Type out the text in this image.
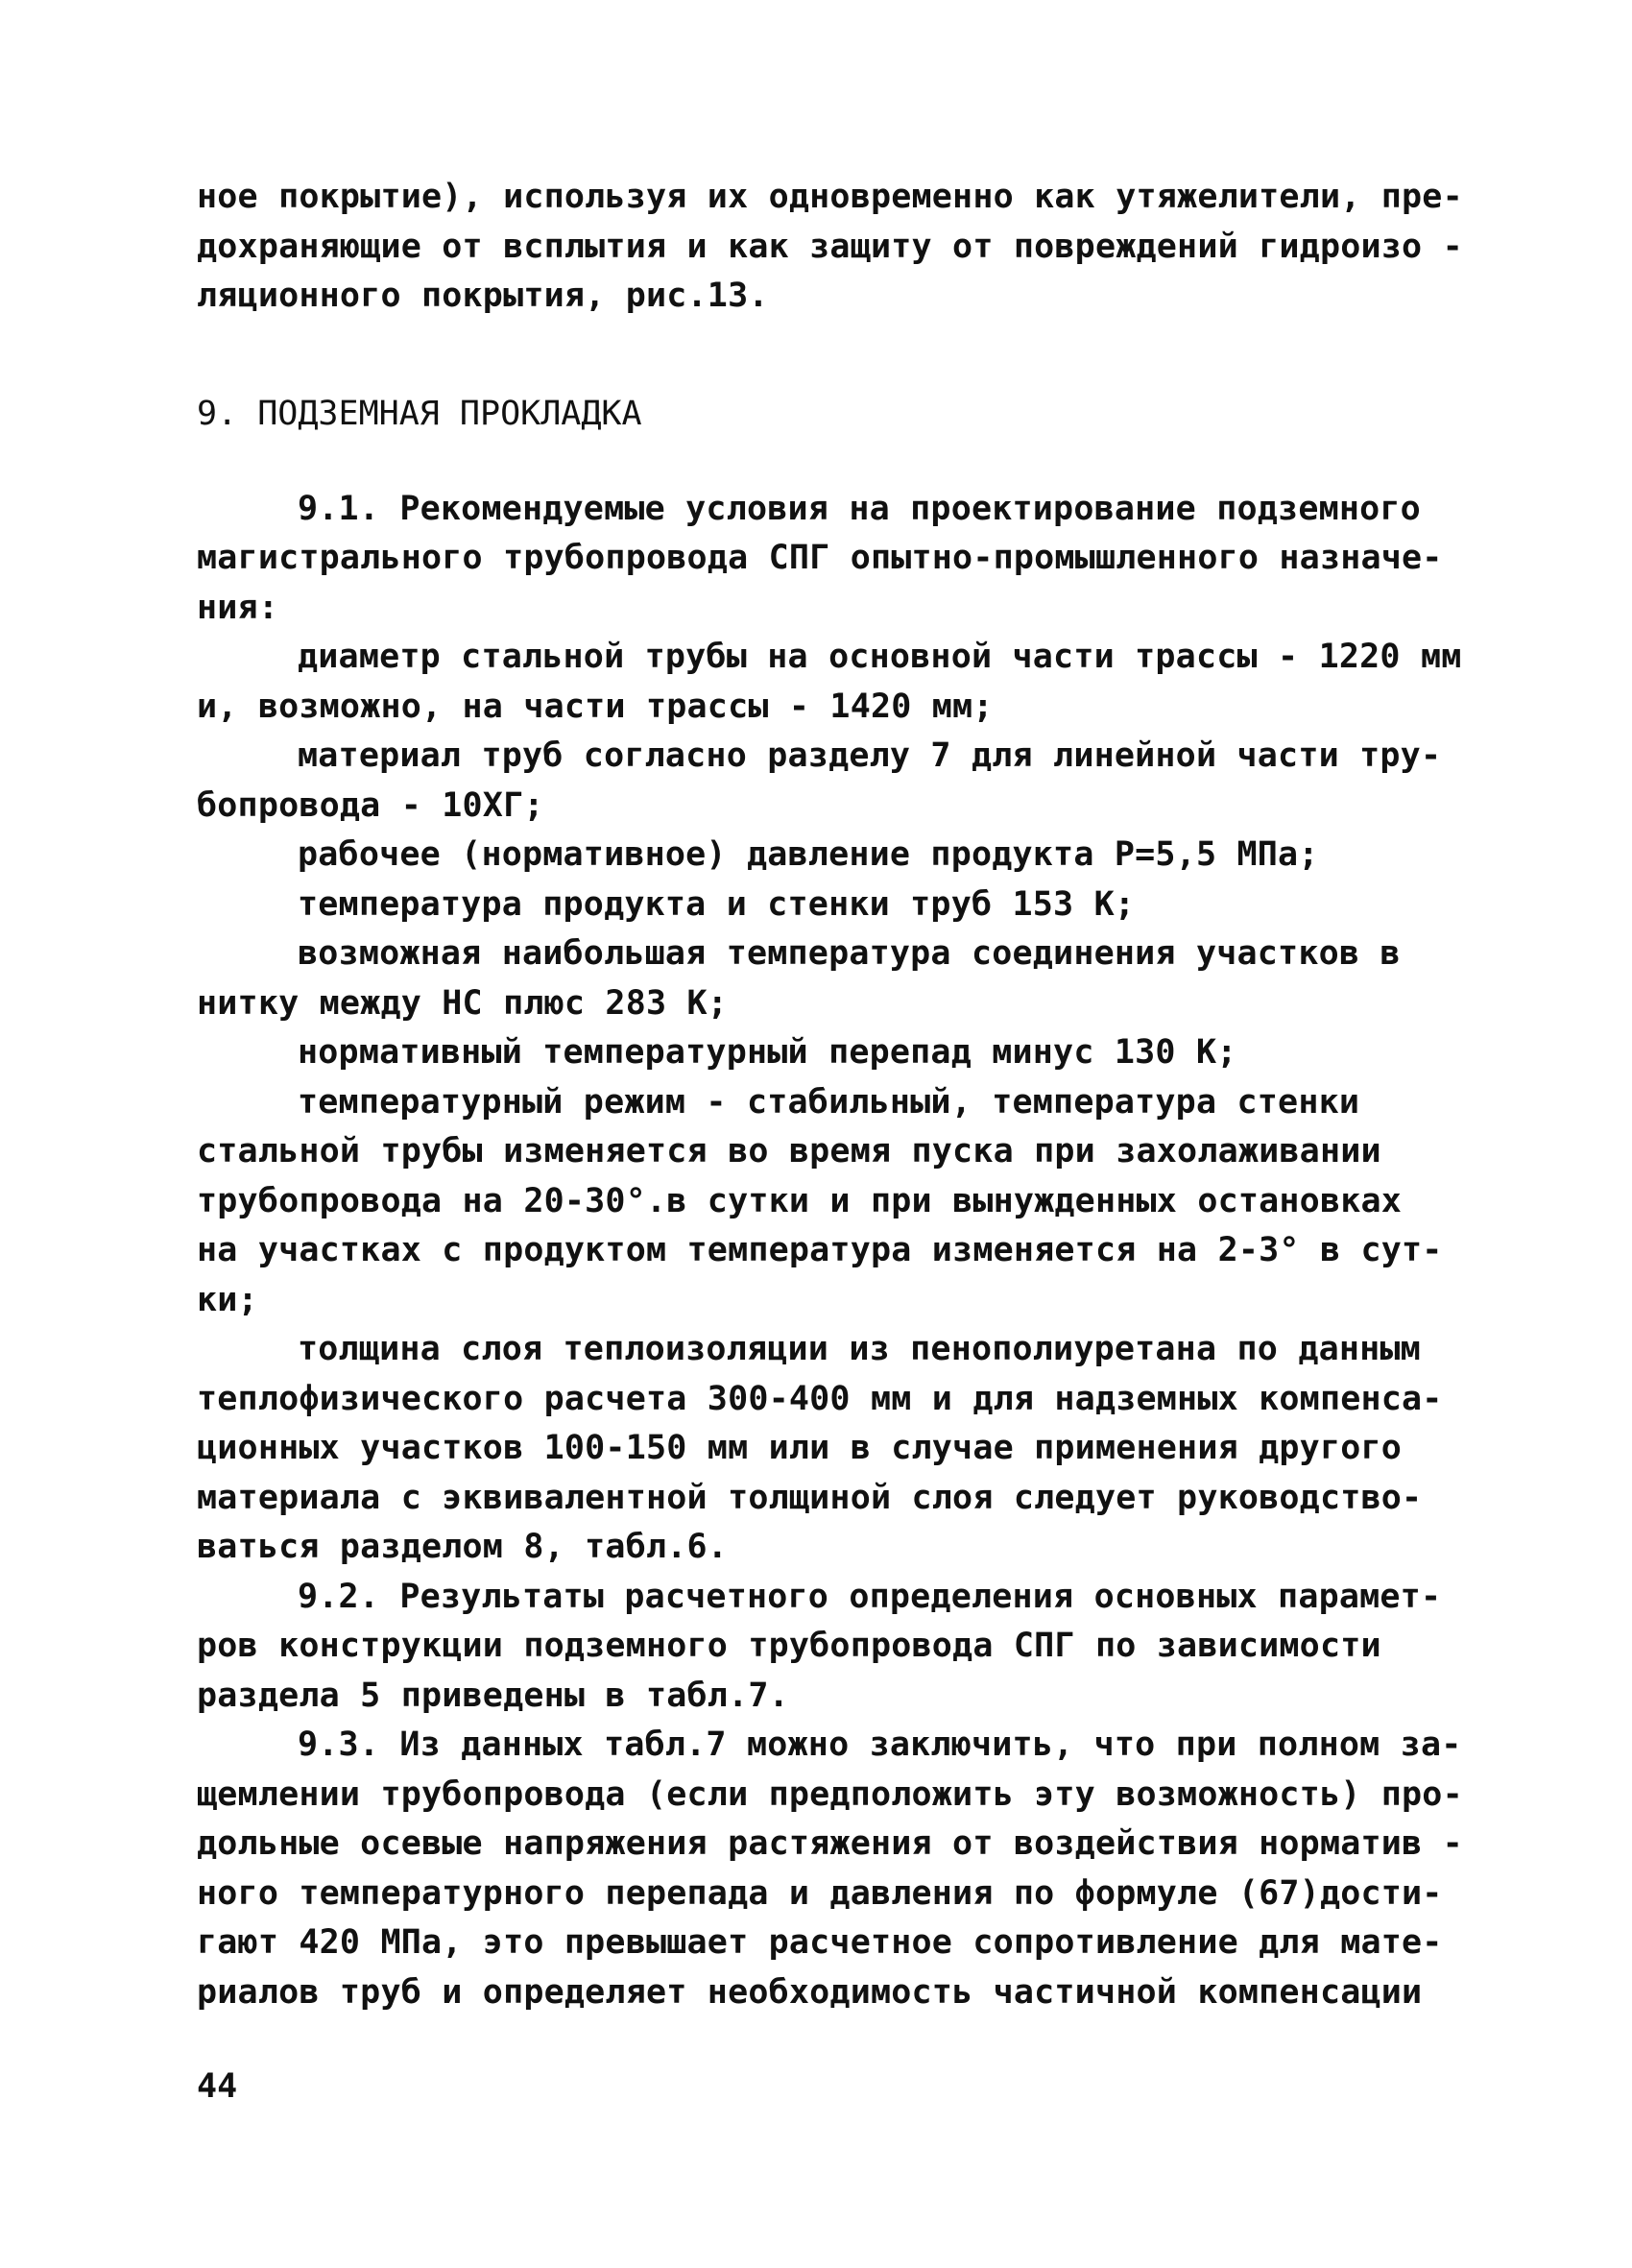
ное покрытие), используя их одновременно как утяжелители, пре-
дохраняющие от всплытия и как защиту от повреждений гидроизо -
ляционного покрытия, рис.13.
9. ПОДЗЕМНАЯ ПРОКЛАДКА
9.1. Рекомендуемые условия на проектирование подземного
магистрального трубопровода СПГ опытно-промышленного назначе-
ния:
диаметр стальной трубы на основной части трассы - 1220 мм
и, возможно, на части трассы - 1420 мм;
материал труб согласно разделу 7 для линейной части тру-
бопровода - 10ХГ;
рабочее (нормативное) давление продукта Р=5,5 МПа;
температура продукта и стенки труб 153 К;
возможная наибольшая температура соединения участков в
нитку между НС плюс 283 К;
нормативный температурный перепад минус 130 К;
температурный режим - стабильный, температура стенки
стальной трубы изменяется во время пуска при захолаживании
трубопровода на 20-30°.в сутки и при вынужденных остановках
на участках с продуктом температура изменяется на 2-3° в сут-
ки;
толщина слоя теплоизоляции из пенополиуретана по данным
теплофизического расчета 300-400 мм и для надземных компенса-
ционных участков 100-150 мм или в случае применения другого
материала с эквивалентной толщиной слоя следует руководство-
ваться разделом 8, табл.6.
9.2. Результаты расчетного определения основных парамет-
ров конструкции подземного трубопровода СПГ по зависимости
раздела 5 приведены в табл.7.
9.3. Из данных табл.7 можно заключить, что при полном за-
щемлении трубопровода (если предположить эту возможность) про-
дольные осевые напряжения растяжения от воздействия норматив -
ного температурного перепада и давления по формуле (67)дости-
гают 420 МПа, это превышает расчетное сопротивление для мате-
риалов труб и определяет необходимость частичной компенсации
44
